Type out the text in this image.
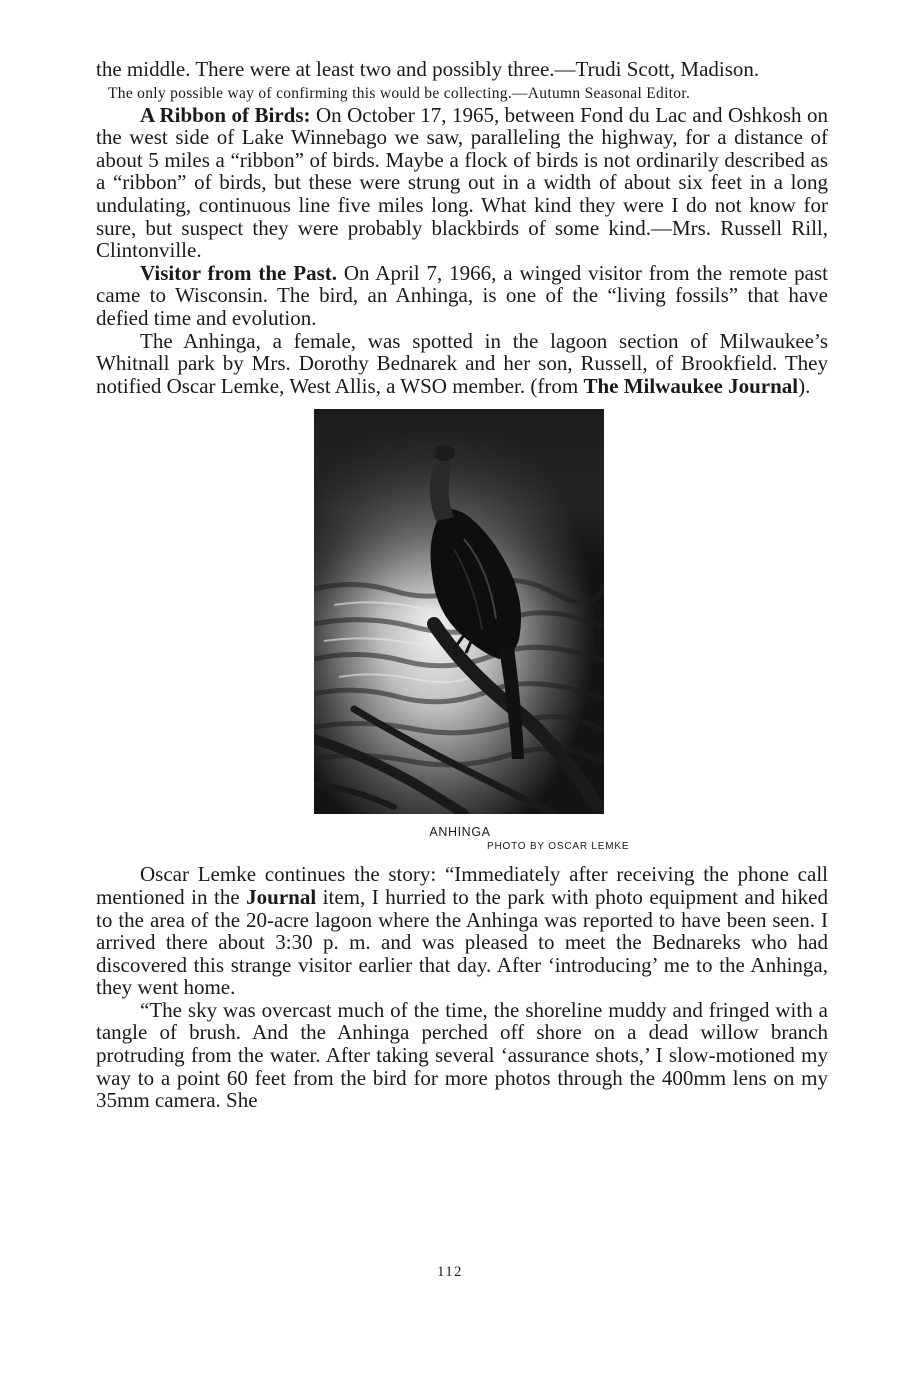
the middle. There were at least two and possibly three.—Trudi Scott, Madison.

The only possible way of confirming this would be collecting.—Autumn Seasonal Editor.

A Ribbon of Birds: On October 17, 1965, between Fond du Lac and Oshkosh on the west side of Lake Winnebago we saw, paralleling the highway, for a distance of about 5 miles a “ribbon” of birds. Maybe a flock of birds is not ordinarily described as a “ribbon” of birds, but these were strung out in a width of about six feet in a long undulating, continuous line five miles long. What kind they were I do not know for sure, but suspect they were probably blackbirds of some kind.—Mrs. Russell Rill, Clintonville.

Visitor from the Past. On April 7, 1966, a winged visitor from the remote past came to Wisconsin. The bird, an Anhinga, is one of the “living fossils” that have defied time and evolution.

The Anhinga, a female, was spotted in the lagoon section of Milwaukee’s Whitnall park by Mrs. Dorothy Bednarek and her son, Russell, of Brookfield. They notified Oscar Lemke, West Allis, a WSO member. (from The Milwaukee Journal).

ANHINGA
PHOTO BY OSCAR LEMKE

Oscar Lemke continues the story: “Immediately after receiving the phone call mentioned in the Journal item, I hurried to the park with photo equipment and hiked to the area of the 20-acre lagoon where the Anhinga was reported to have been seen. I arrived there about 3:30 p. m. and was pleased to meet the Bednareks who had discovered this strange visitor earlier that day. After ‘introducing’ me to the Anhinga, they went home.

“The sky was overcast much of the time, the shoreline muddy and fringed with a tangle of brush. And the Anhinga perched off shore on a dead willow branch protruding from the water. After taking several ‘assurance shots,’ I slow-motioned my way to a point 60 feet from the bird for more photos through the 400mm lens on my 35mm camera. She

112
